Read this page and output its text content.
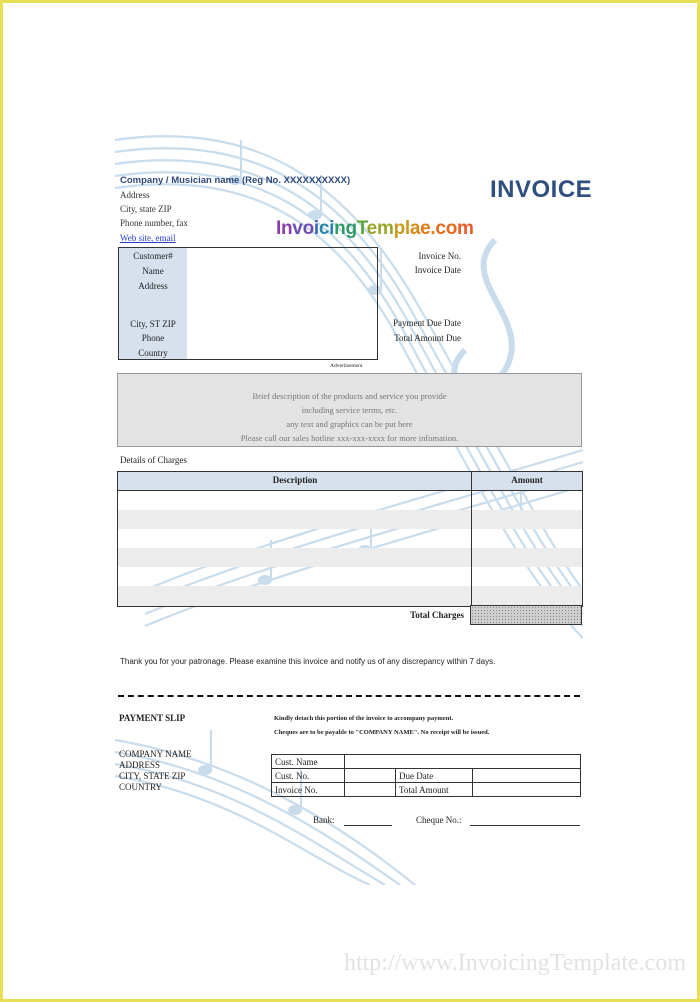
Company / Musician name (Reg No. XXXXXXXXXX)
Address
City, state ZIP
Phone number, fax
Web site, email
INVOICE
InvoicingTemplae.com
Customer#
Name
Address
City, ST ZIP
Phone
Country
Invoice No.
Invoice Date
Payment Due Date
Total Amount Due
Advertisement
Brief description of the products and service you provide
including service terms, etc.
any text and graphics can be put here
Please call our sales hotline xxx-xxx-xxxx for more infomation.
Details of Charges
Description	Amount
Total Charges
Thank you for your patronage. Please examine this invoice and notify us of any discrepancy within 7 days.
PAYMENT SLIP	Kindly detach this portion of the invoice to accompany payment.
Cheques are to be payable to "COMPANY NAME". No receipt will be issued.
COMPANY NAME
ADDRESS
CITY, STATE ZIP
COUNTRY
Cust. Name			
Cust. No.		Due Date	
Invoice No.		Total Amount	
Bank:	Cheque No.:
http://www.InvoicingTemplate.com
